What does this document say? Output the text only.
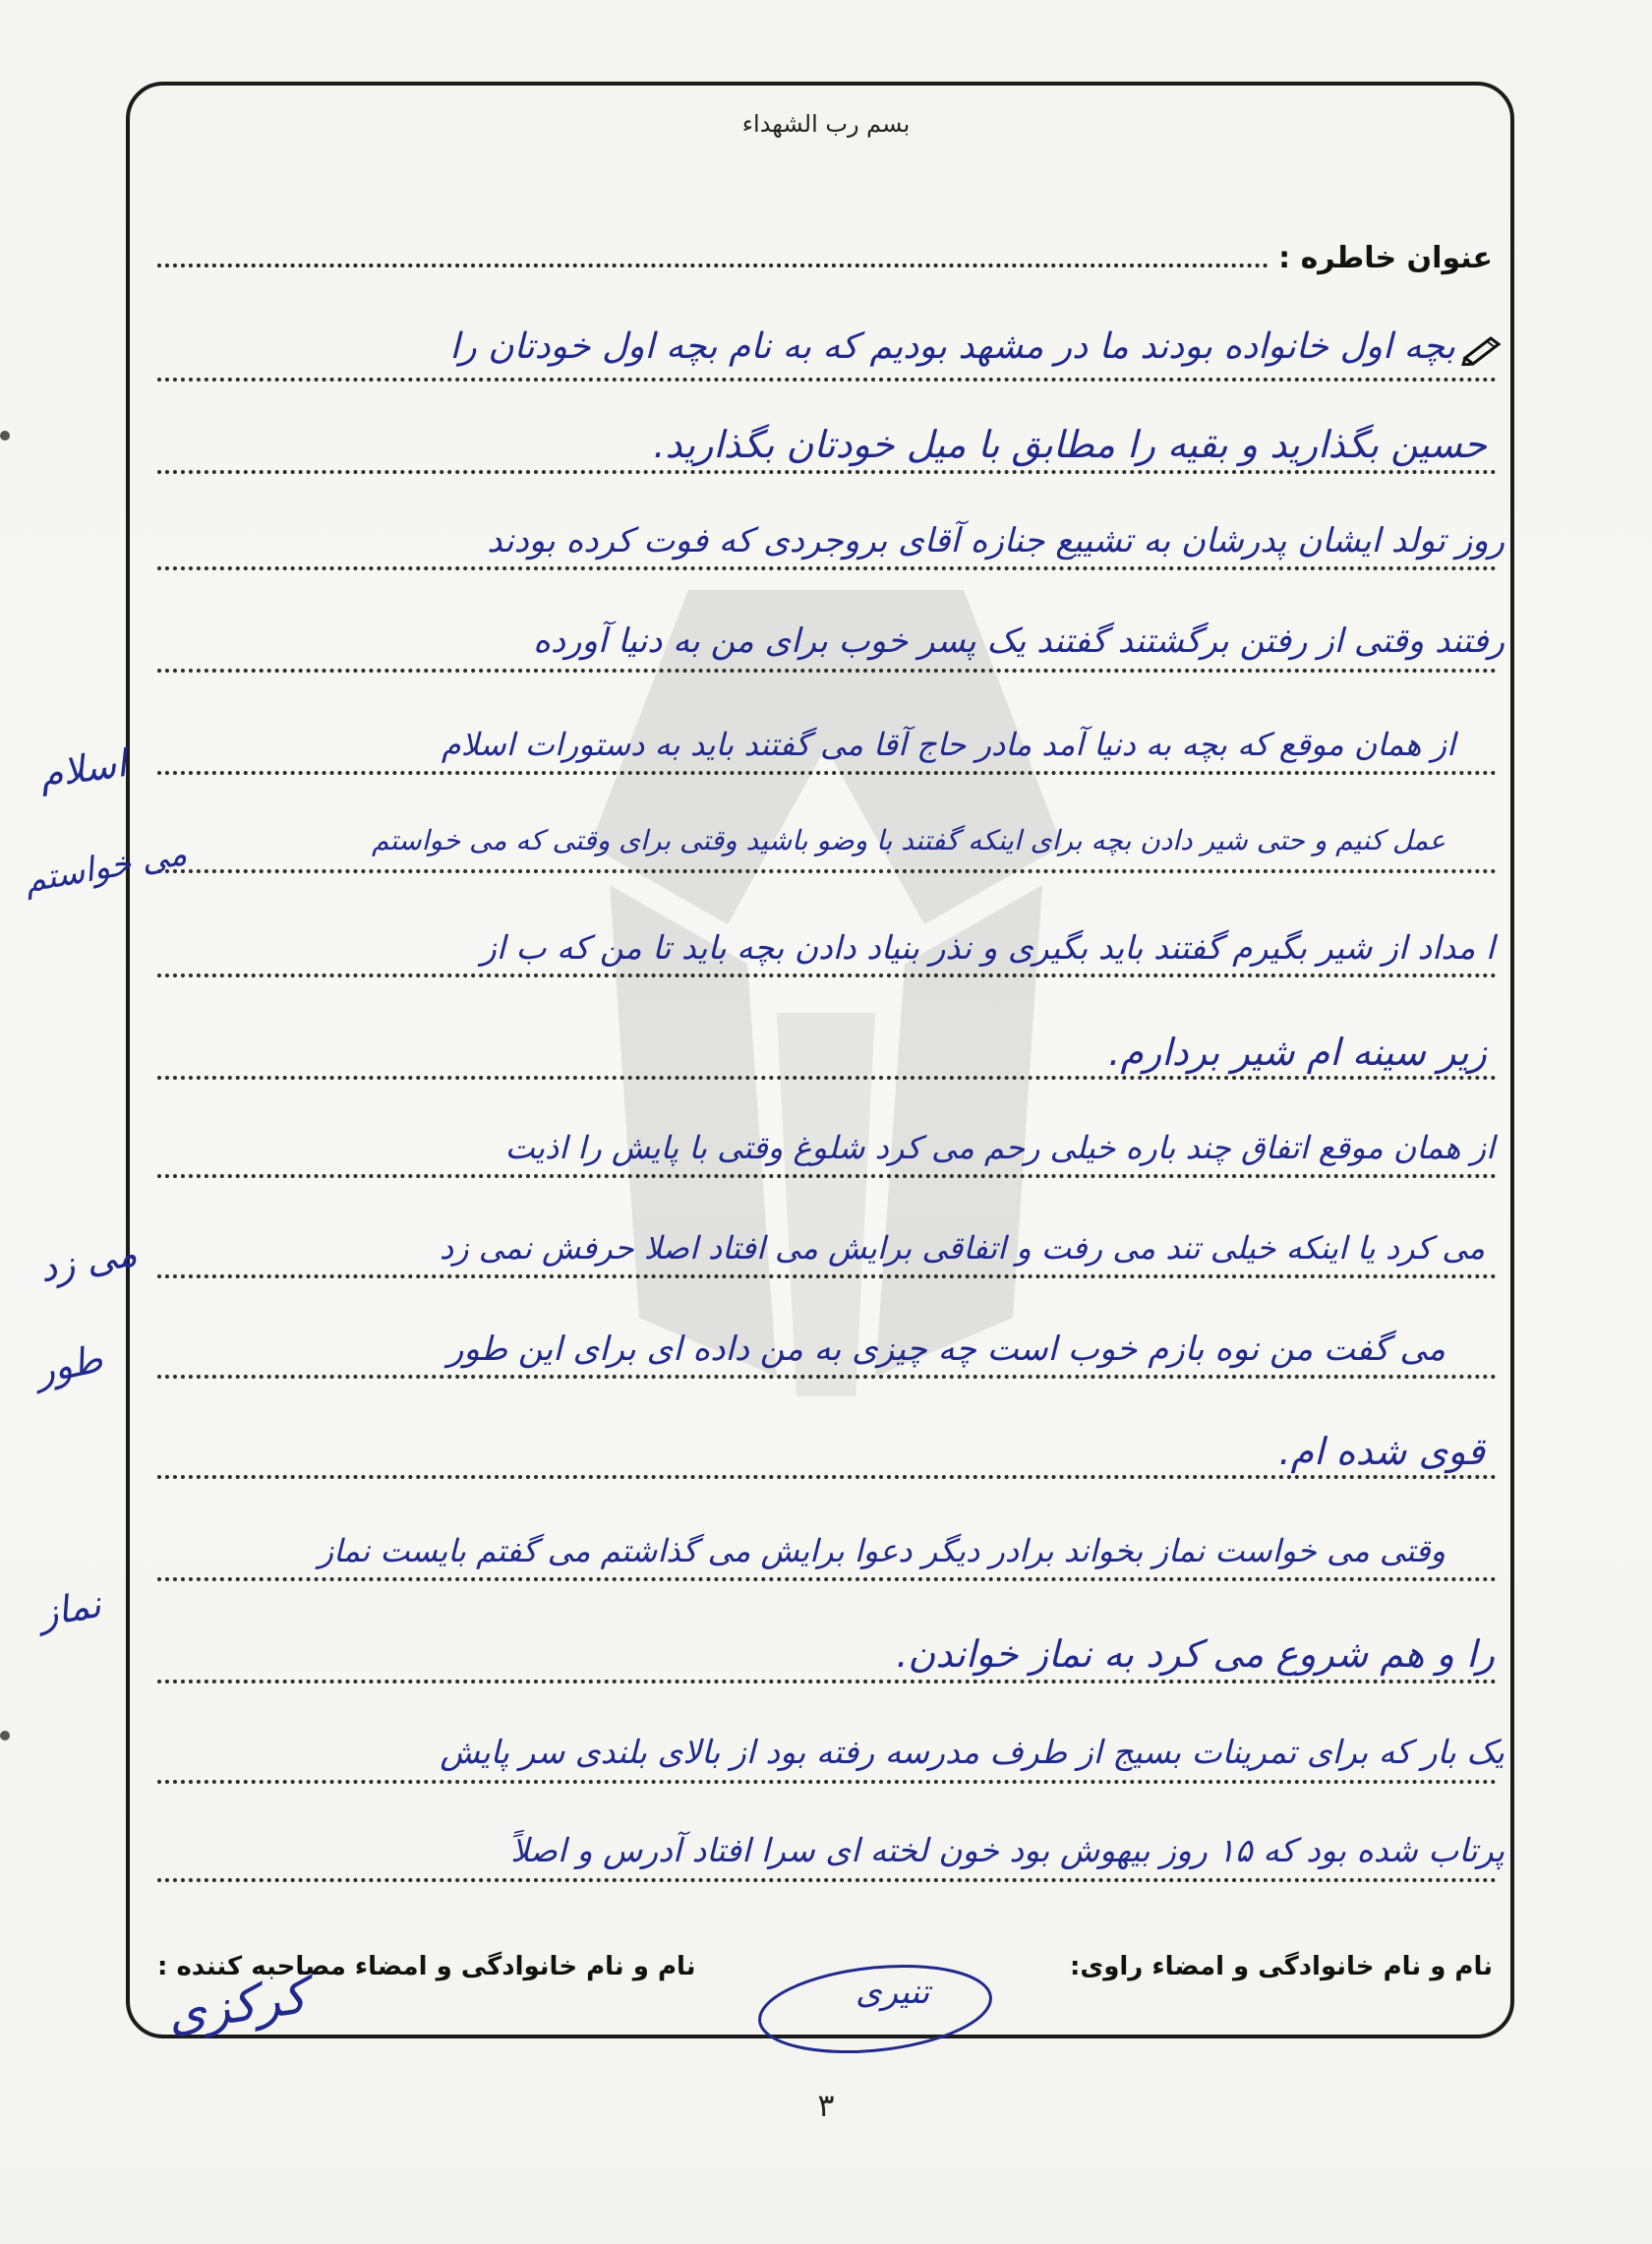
بسم رب الشهداء
عنوان خاطره :
بچه اول خانواده بودند ما در مشهد بودیم که به نام بچه اول خودتان را
حسین بگذارید و بقیه را مطابق با میل خودتان بگذارید.
روز تولد ایشان پدرشان به تشییع جنازه آقای بروجردی که فوت کرده بودند
رفتند وقتی از رفتن برگشتند گفتند یک پسر خوب برای من به دنیا آورده
از همان موقع که بچه به دنیا آمد مادر حاج آقا می گفتند باید به دستورات اسلام
عمل کنیم و حتی شیر دادن بچه برای اینکه گفتند با وضو باشید وقتی برای وقتی که می خواستم
ا مداد از شیر بگیرم گفتند باید بگیری و نذر بنیاد دادن بچه باید تا من که ب از
زیر سینه ام شیر بردارم.
از همان موقع اتفاق چند باره خیلی رحم می کرد شلوغ وقتی با پایش را اذیت
می کرد یا اینکه خیلی تند می رفت و اتفاقی برایش می افتاد اصلا حرفش نمی زد
می گفت من نوه بازم خوب است چه چیزی به من داده ای برای این طور
قوی شده ام.
وقتی می خواست نماز بخواند برادر دیگر دعوا برایش می گذاشتم می گفتم بایست نماز
را و هم شروع می کرد به نماز خواندن.
یک بار که برای تمرینات بسیج از طرف مدرسه رفته بود از بالای بلندی سر پایش
پرتاب شده بود که ۱۵ روز بیهوش بود خون لخته ای سرا افتاد آدرس و اصلاً
اسلام
می خواستم
می زد
طور
نماز
نام و نام خانوادگی و امضاء راوی:
نام و نام خانوادگی و امضاء مصاحبه کننده :
کرکزی	تنیری
۳
